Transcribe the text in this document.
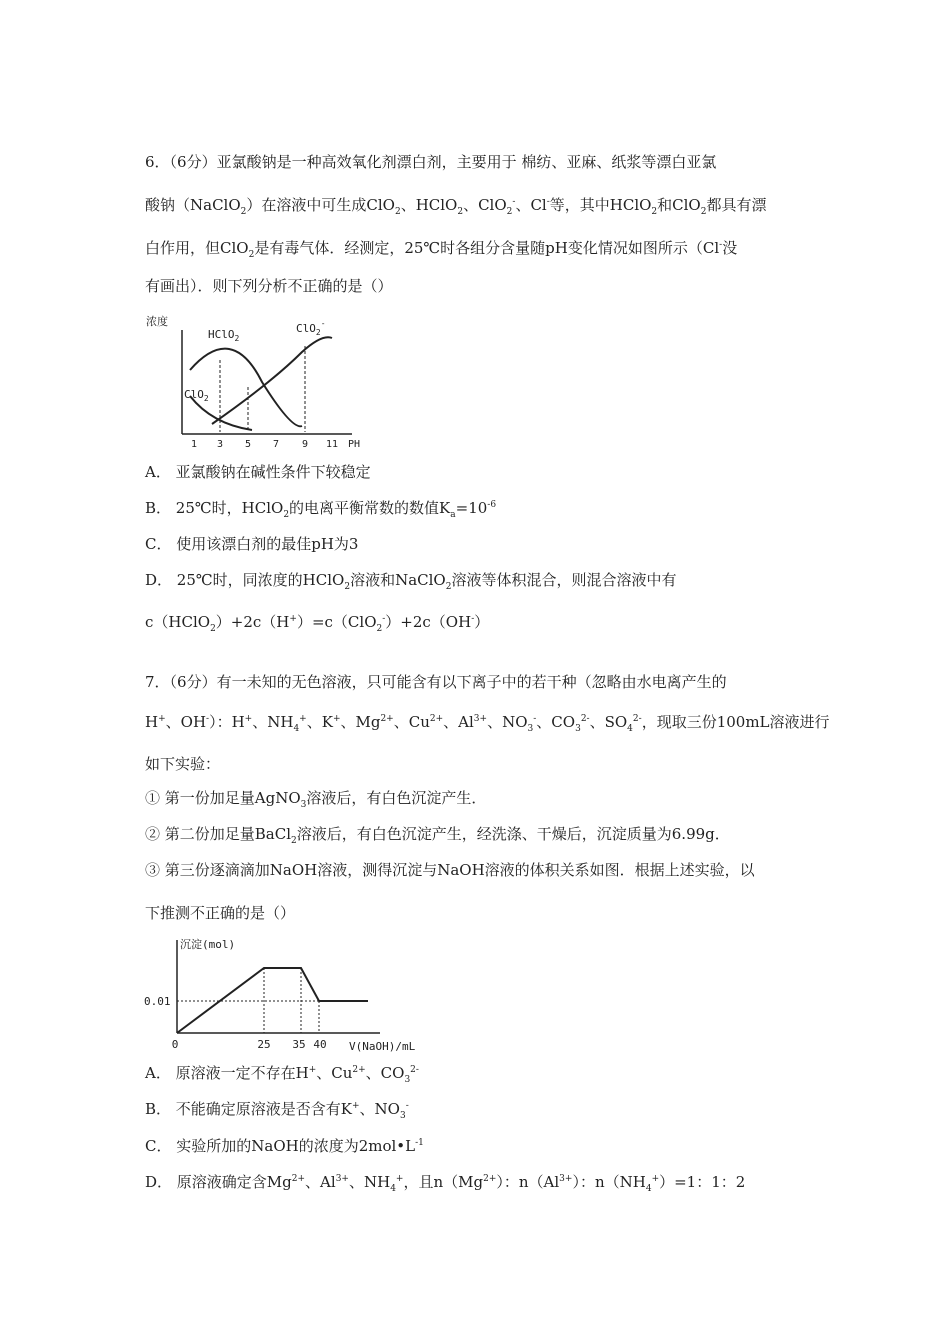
6．（6分）亚氯酸钠是一种高效氧化剂漂白剂，主要用于 棉纺、亚麻、纸浆等漂白亚氯
酸钠（NaClO$_2$）在溶液中可生成ClO$_2$、HClO$_2$、ClO$_2$-、Cl-等，其中HClO$_2$和ClO$_2$都具有漂
白作用，但ClO$_2$是有毒气体．经测定，25℃时各组分含量随pH变化情况如图所示（Cl-没
有画出）．则下列分析不正确的是（）
浓度
HClO$_2$
ClO$_2$-
ClO$_2$
1 3 5 7 9 11 PH
A． 亚氯酸钠在碱性条件下较稳定
B． 25℃时，HClO$_2$的电离平衡常数的数值$K_a=10^{-6}$
C． 使用该漂白剂的最佳pH为3
D． 25℃时，同浓度的HClO$_2$溶液和NaClO$_2$溶液等体积混合，则混合溶液中有
c（HClO$_2$）+2c（H+）=c（ClO$_2$-）+2c（OH-）
7．（6分）有一未知的无色溶液，只可能含有以下离子中的若干种（忽略由水电离产生的
H+、OH-）：H+、$NH_4^+$、K+、$Mg^{2+}$、$Cu^{2+}$、$Al^{3+}$、$NO_3^-$、$CO_3^{2-}$、$SO_4^{2-}$，现取三份100mL溶液进行
如下实验：
① 第一份加足量AgNO$_3$溶液后，有白色沉淀产生．
② 第二份加足量BaCl$_2$溶液后，有白色沉淀产生，经洗涤、干燥后，沉淀质量为6.99g．
③ 第三份逐滴滴加NaOH溶液，测得沉淀与NaOH溶液的体积关系如图．根据上述实验，以
下推测不正确的是（）
沉淀(mol)
0.01
0	25 35 40 V(NaOH)/mL
A． 原溶液一定不存在H+、$Cu^{2+}$、$CO_3^{2-}$
B． 不能确定原溶液是否含有K+、$NO_3^-$
C． 实验所加的NaOH的浓度为$2mol•L^{-1}$
D． 原溶液确定含$Mg^{2+}$、$Al^{3+}$、$NH_4^+$，且$n(Mg^{2+})$：$n(Al^{3+})$：$n(NH_4^+)=1$：1：2
